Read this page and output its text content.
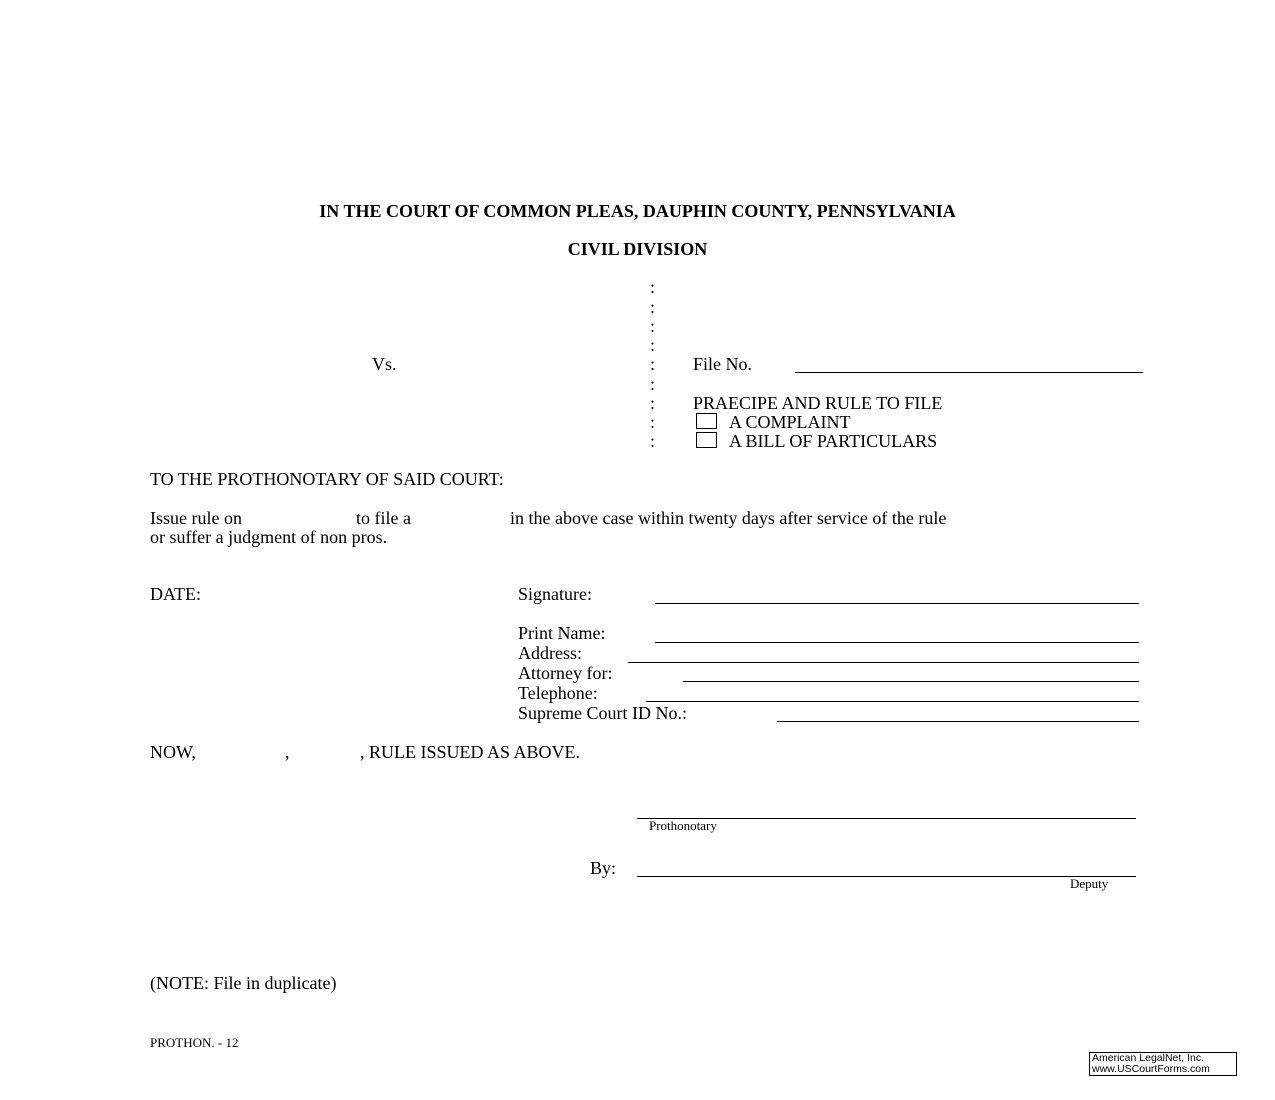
IN THE COURT OF COMMON PLEAS, DAUPHIN COUNTY, PENNSYLVANIA
CIVIL DIVISION
:
:
:
:
:
:
:
:
:
Vs.	File No.
PRAECIPE AND RULE TO FILE
A COMPLAINT
A BILL OF PARTICULARS
TO THE PROTHONOTARY OF SAID COURT:
Issue rule on	to file a	in the above case within twenty days after service of the rule
or suffer a judgment of non pros.
DATE:	Signature:
Print Name:
Address:
Attorney for:
Telephone:
Supreme Court ID No.:
NOW,	,	, RULE ISSUED AS ABOVE.
Prothonotary
By:
Deputy
(NOTE: File in duplicate)
PROTHON. - 12
American LegalNet, Inc.
www.USCourtForms.com
